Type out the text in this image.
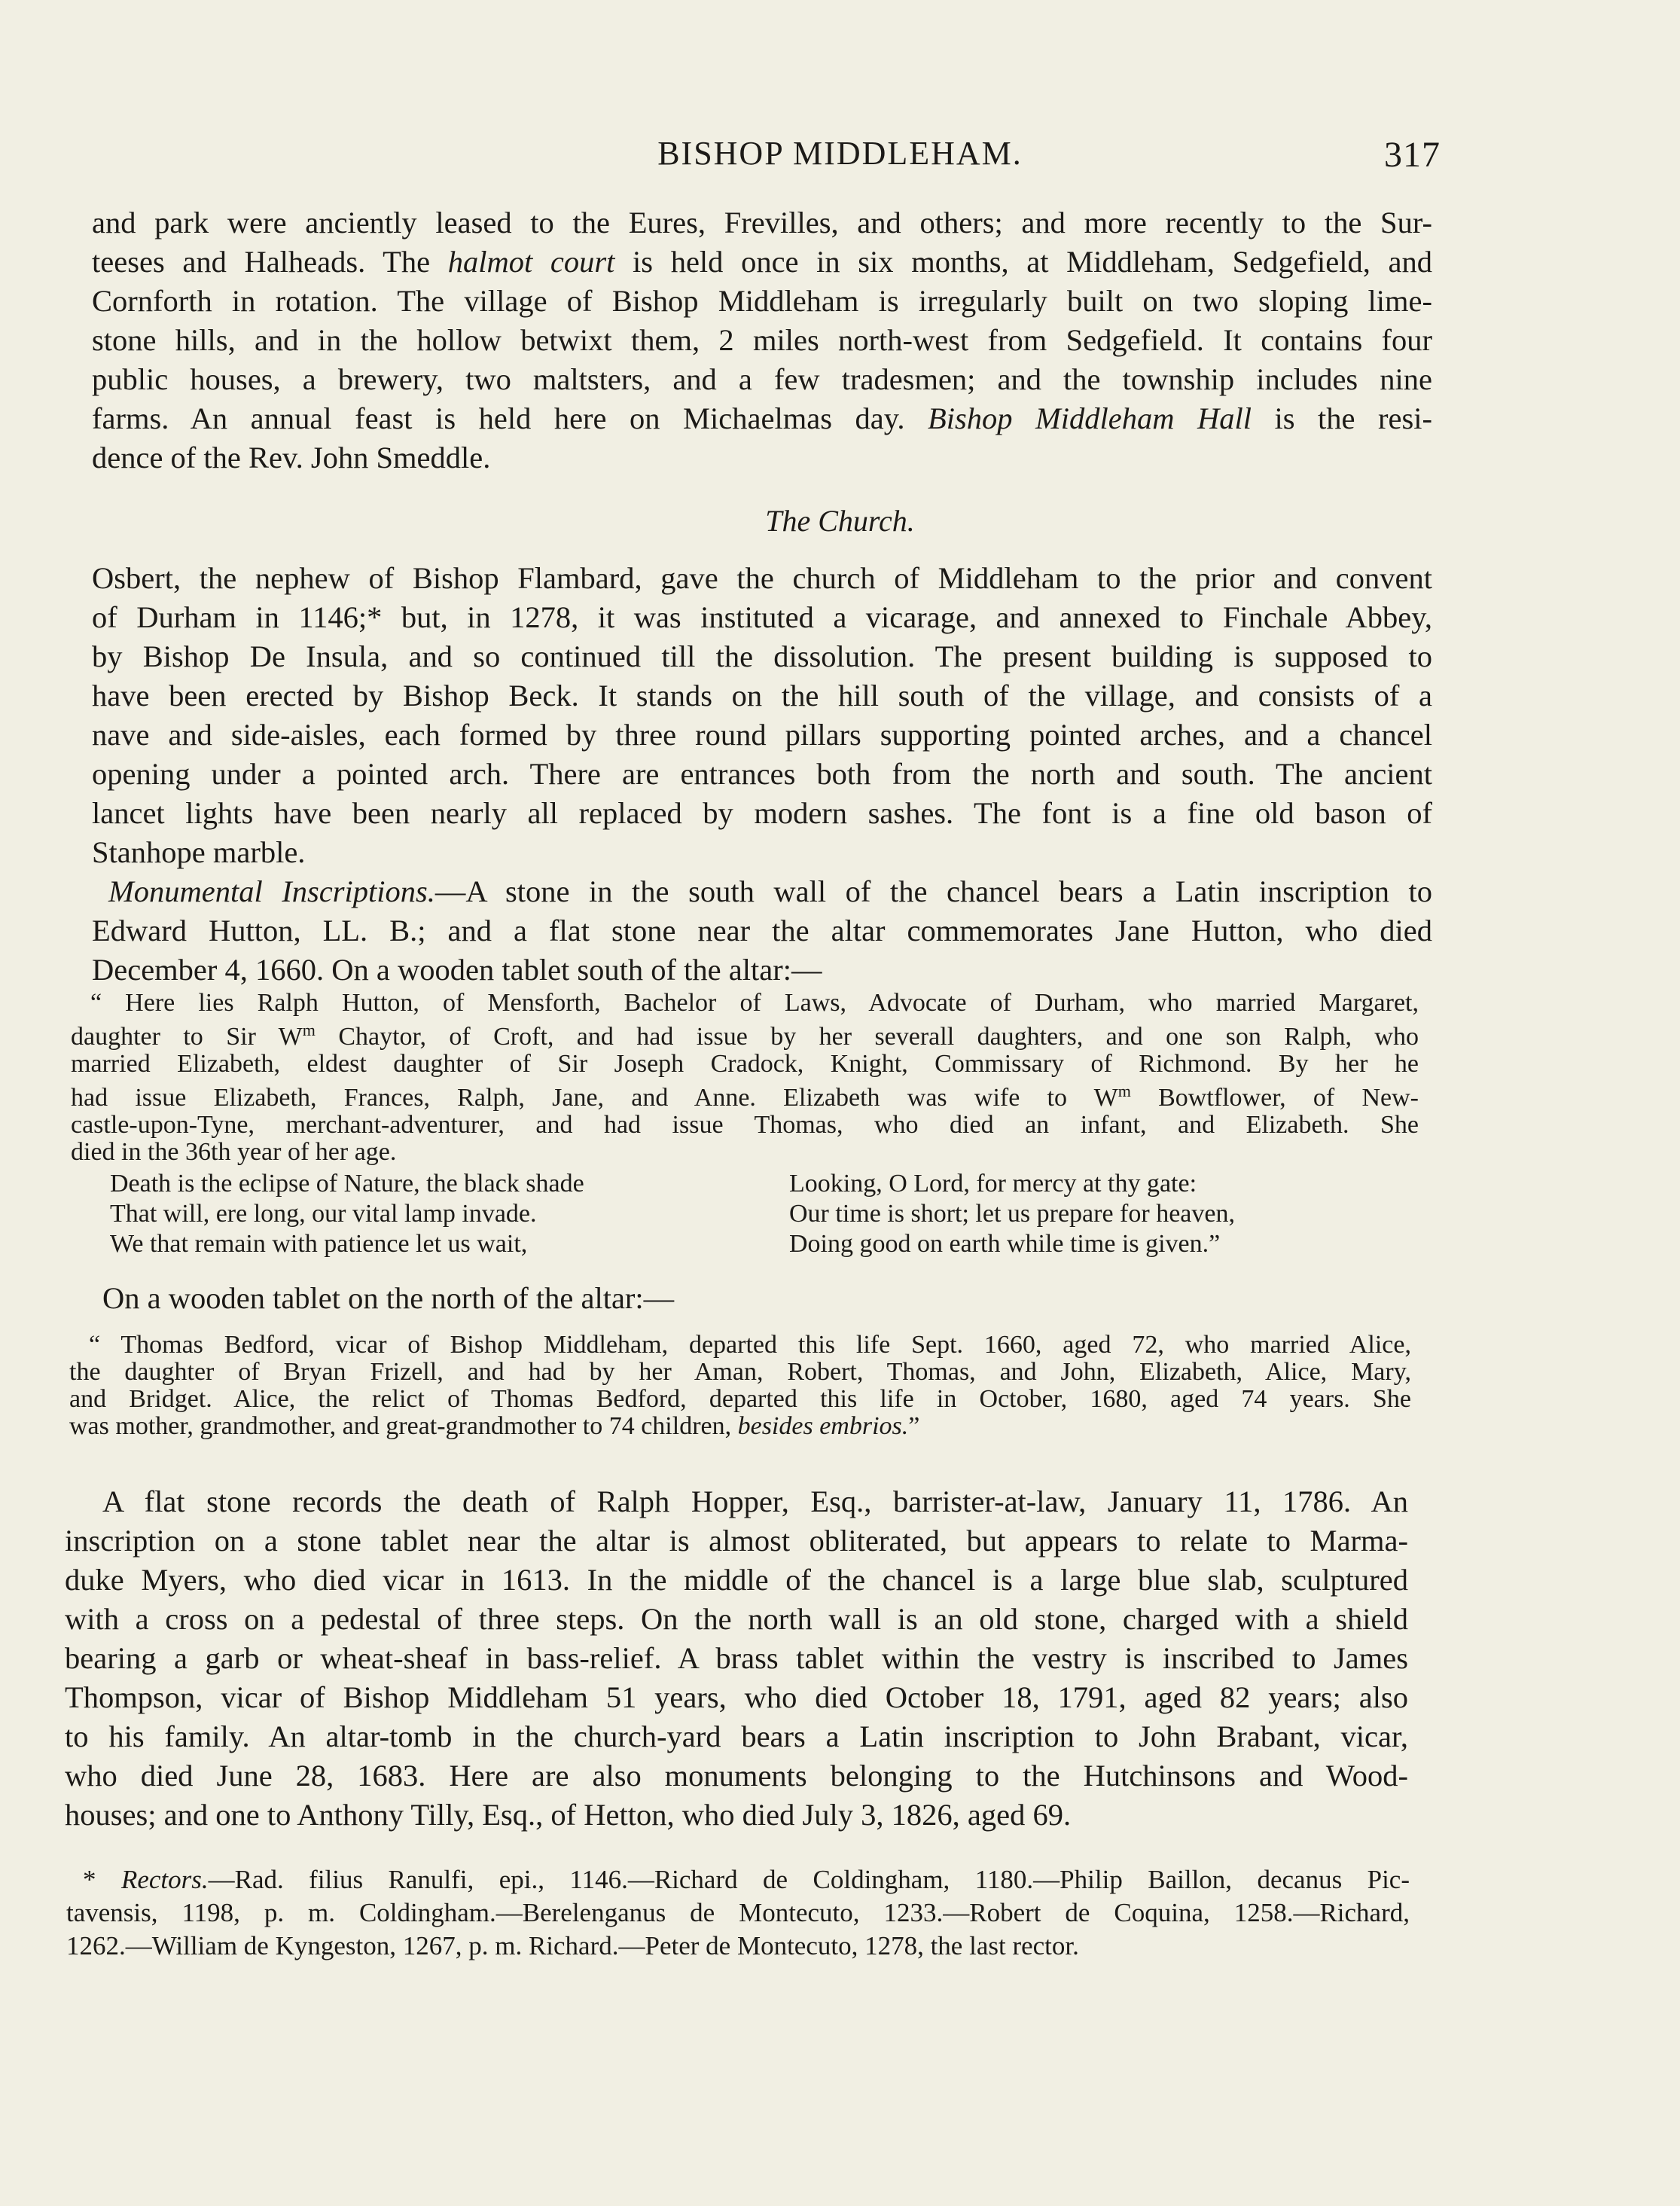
BISHOP MIDDLEHAM.	317
and park were anciently leased to the Eures, Frevilles, and others; and more recently to the Sur-
teeses and Halheads. The halmot court is held once in six months, at Middleham, Sedgefield, and
Cornforth in rotation. The village of Bishop Middleham is irregularly built on two sloping lime-
stone hills, and in the hollow betwixt them, 2 miles north-west from Sedgefield. It contains four
public houses, a brewery, two maltsters, and a few tradesmen; and the township includes nine
farms. An annual feast is held here on Michaelmas day. Bishop Middleham Hall is the resi-
dence of the Rev. John Smeddle.
The Church.
Osbert, the nephew of Bishop Flambard, gave the church of Middleham to the prior and convent
of Durham in 1146;* but, in 1278, it was instituted a vicarage, and annexed to Finchale Abbey,
by Bishop De Insula, and so continued till the dissolution. The present building is supposed to
have been erected by Bishop Beck. It stands on the hill south of the village, and consists of a
nave and side-aisles, each formed by three round pillars supporting pointed arches, and a chancel
opening under a pointed arch. There are entrances both from the north and south. The ancient
lancet lights have been nearly all replaced by modern sashes. The font is a fine old bason of
Stanhope marble.
Monumental Inscriptions.—A stone in the south wall of the chancel bears a Latin inscription to
Edward Hutton, LL. B.; and a flat stone near the altar commemorates Jane Hutton, who died
December 4, 1660. On a wooden tablet south of the altar:—
“ Here lies Ralph Hutton, of Mensforth, Bachelor of Laws, Advocate of Durham, who married Margaret,
daughter to Sir $W^m$ Chaytor, of Croft, and had issue by her severall daughters, and one son Ralph, who
married Elizabeth, eldest daughter of Sir Joseph Cradock, Knight, Commissary of Richmond. By her he
had issue Elizabeth, Frances, Ralph, Jane, and Anne. Elizabeth was wife to $W^m$ Bowtflower, of New-
castle-upon-Tyne, merchant-adventurer, and had issue Thomas, who died an infant, and Elizabeth. She
died in the 36th year of her age.
Death is the eclipse of Nature, the black shade
That will, ere long, our vital lamp invade.
We that remain with patience let us wait,
Looking, O Lord, for mercy at thy gate:
Our time is short; let us prepare for heaven,
Doing good on earth while time is given.”
On a wooden tablet on the north of the altar:—
“ Thomas Bedford, vicar of Bishop Middleham, departed this life Sept. 1660, aged 72, who married Alice,
the daughter of Bryan Frizell, and had by her Aman, Robert, Thomas, and John, Elizabeth, Alice, Mary,
and Bridget. Alice, the relict of Thomas Bedford, departed this life in October, 1680, aged 74 years. She
was mother, grandmother, and great-grandmother to 74 children, besides embrios.”
A flat stone records the death of Ralph Hopper, Esq., barrister-at-law, January 11, 1786. An
inscription on a stone tablet near the altar is almost obliterated, but appears to relate to Marma-
duke Myers, who died vicar in 1613. In the middle of the chancel is a large blue slab, sculptured
with a cross on a pedestal of three steps. On the north wall is an old stone, charged with a shield
bearing a garb or wheat-sheaf in bass-relief. A brass tablet within the vestry is inscribed to James
Thompson, vicar of Bishop Middleham 51 years, who died October 18, 1791, aged 82 years; also
to his family. An altar-tomb in the church-yard bears a Latin inscription to John Brabant, vicar,
who died June 28, 1683. Here are also monuments belonging to the Hutchinsons and Wood-
houses; and one to Anthony Tilly, Esq., of Hetton, who died July 3, 1826, aged 69.
* Rectors.—Rad. filius Ranulfi, epi., 1146.—Richard de Coldingham, 1180.—Philip Baillon, decanus Pic-
tavensis, 1198, p. m. Coldingham.—Berelenganus de Montecuto, 1233.—Robert de Coquina, 1258.—Richard,
1262.—William de Kyngeston, 1267, p. m. Richard.—Peter de Montecuto, 1278, the last rector.
